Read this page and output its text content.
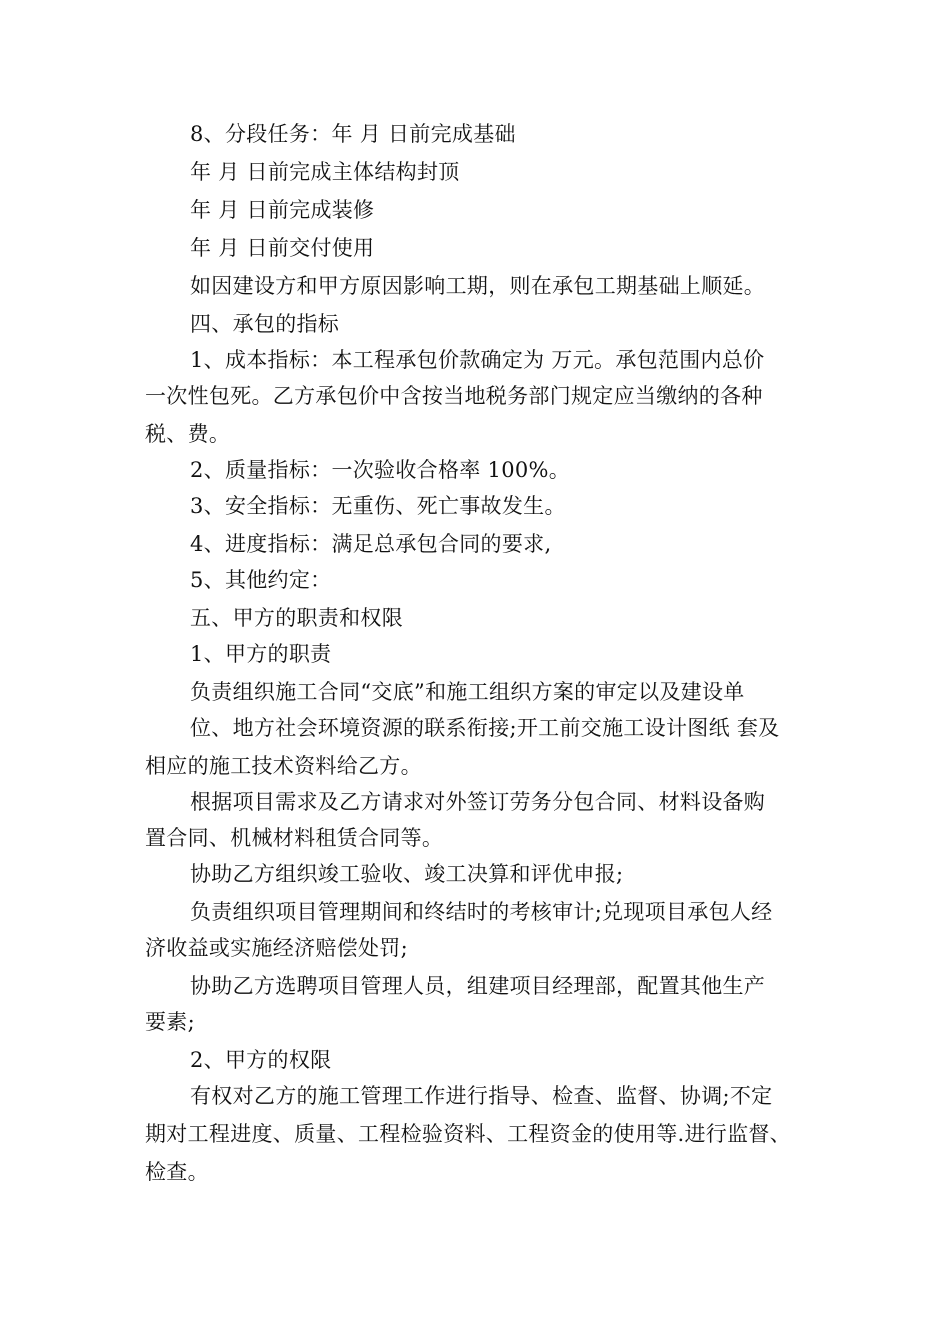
8、分段任务：年 月 日前完成基础
年 月 日前完成主体结构封顶
年 月 日前完成装修
年 月 日前交付使用
如因建设方和甲方原因影响工期，则在承包工期基础上顺延。
四、承包的指标
1、成本指标：本工程承包价款确定为 万元。承包范围内总价
一次性包死。乙方承包价中含按当地税务部门规定应当缴纳的各种
税、费。
2、质量指标：一次验收合格率 100%。
3、安全指标：无重伤、死亡事故发生。
4、进度指标：满足总承包合同的要求,
5、其他约定：
五、甲方的职责和权限
1、甲方的职责
负责组织施工合同“交底”和施工组织方案的审定以及建设单
位、地方社会环境资源的联系衔接;开工前交施工设计图纸 套及
相应的施工技术资料给乙方。
根据项目需求及乙方请求对外签订劳务分包合同、材料设备购
置合同、机械材料租赁合同等。
协助乙方组织竣工验收、竣工决算和评优申报;
负责组织项目管理期间和终结时的考核审计;兑现项目承包人经
济收益或实施经济赔偿处罚;
协助乙方选聘项目管理人员，组建项目经理部，配置其他生产
要素;
2、甲方的权限
有权对乙方的施工管理工作进行指导、检查、监督、协调;不定
期对工程进度、质量、工程检验资料、工程资金的使用等.进行监督、
检查。
